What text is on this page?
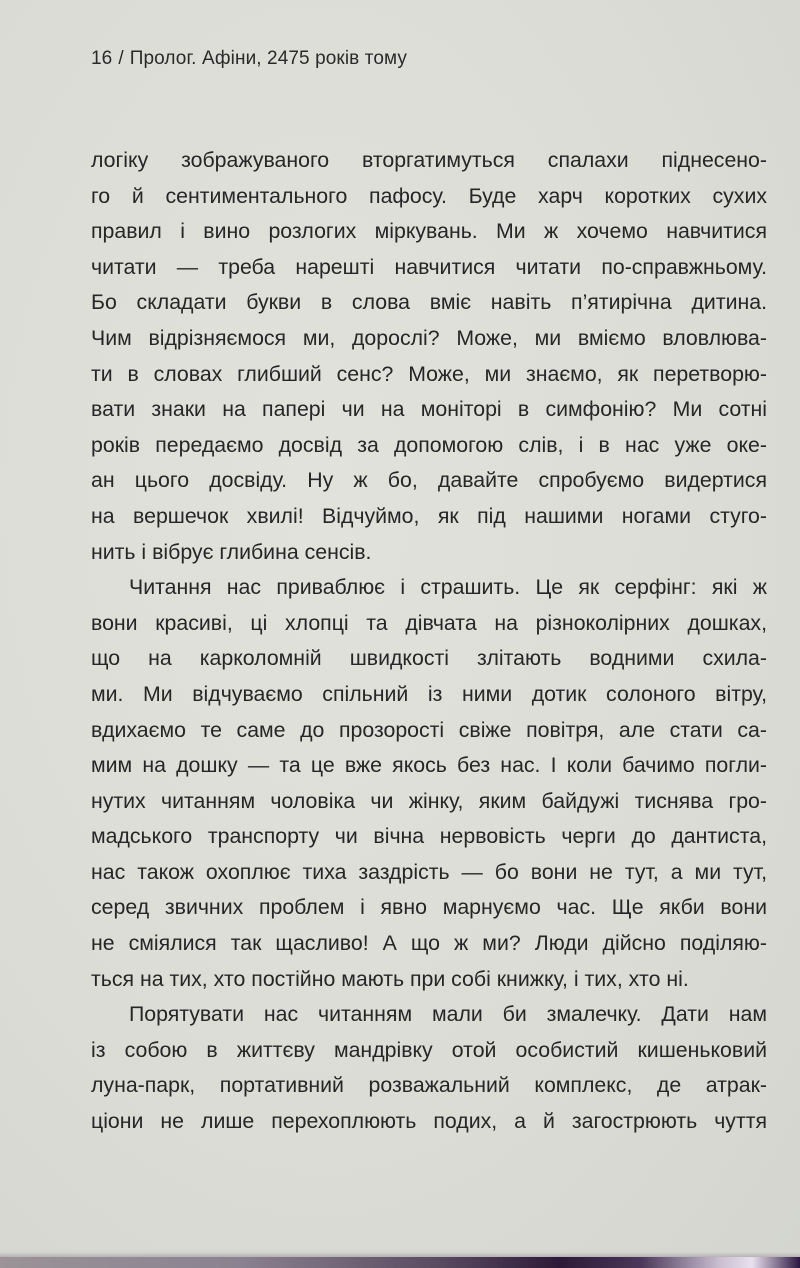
16 / Пролог. Афіни, 2475 років тому
логіку зображуваного вторгатимуться спалахи піднесено-
го й сентиментального пафосу. Буде харч коротких сухих
правил і вино розлогих міркувань. Ми ж хочемо навчитися
читати — треба нарешті навчитися читати по-справжньому.
Бо складати букви в слова вміє навіть п’ятирічна дитина.
Чим відрізняємося ми, дорослі? Може, ми вміємо вловлюва-
ти в словах глибший сенс? Може, ми знаємо, як перетворю-
вати знаки на папері чи на моніторі в симфонію? Ми сотні
років передаємо досвід за допомогою слів, і в нас уже оке-
ан цього досвіду. Ну ж бо, давайте спробуємо видертися
на вершечок хвилі! Відчуймо, як під нашими ногами стуго-
нить і вібрує глибина сенсів.
Читання нас приваблює і страшить. Це як серфінг: які ж
вони красиві, ці хлопці та дівчата на різноколірних дошках,
що на карколомній швидкості злітають водними схила-
ми. Ми відчуваємо спільний із ними дотик солоного вітру,
вдихаємо те саме до прозорості свіже повітря, але стати са-
мим на дошку — та це вже якось без нас. І коли бачимо погли-
нутих читанням чоловіка чи жінку, яким байдужі тиснява гро-
мадського транспорту чи вічна нервовість черги до дантиста,
нас також охоплює тиха заздрість — бо вони не тут, а ми тут,
серед звичних проблем і явно марнуємо час. Ще якби вони
не сміялися так щасливо! А що ж ми? Люди дійсно поділяю-
ться на тих, хто постійно мають при собі книжку, і тих, хто ні.
Порятувати нас читанням мали би змалечку. Дати нам
із собою в життєву мандрівку отой особистий кишеньковий
луна-парк, портативний розважальний комплекс, де атрак-
ціони не лише перехоплюють подих, а й загострюють чуття
